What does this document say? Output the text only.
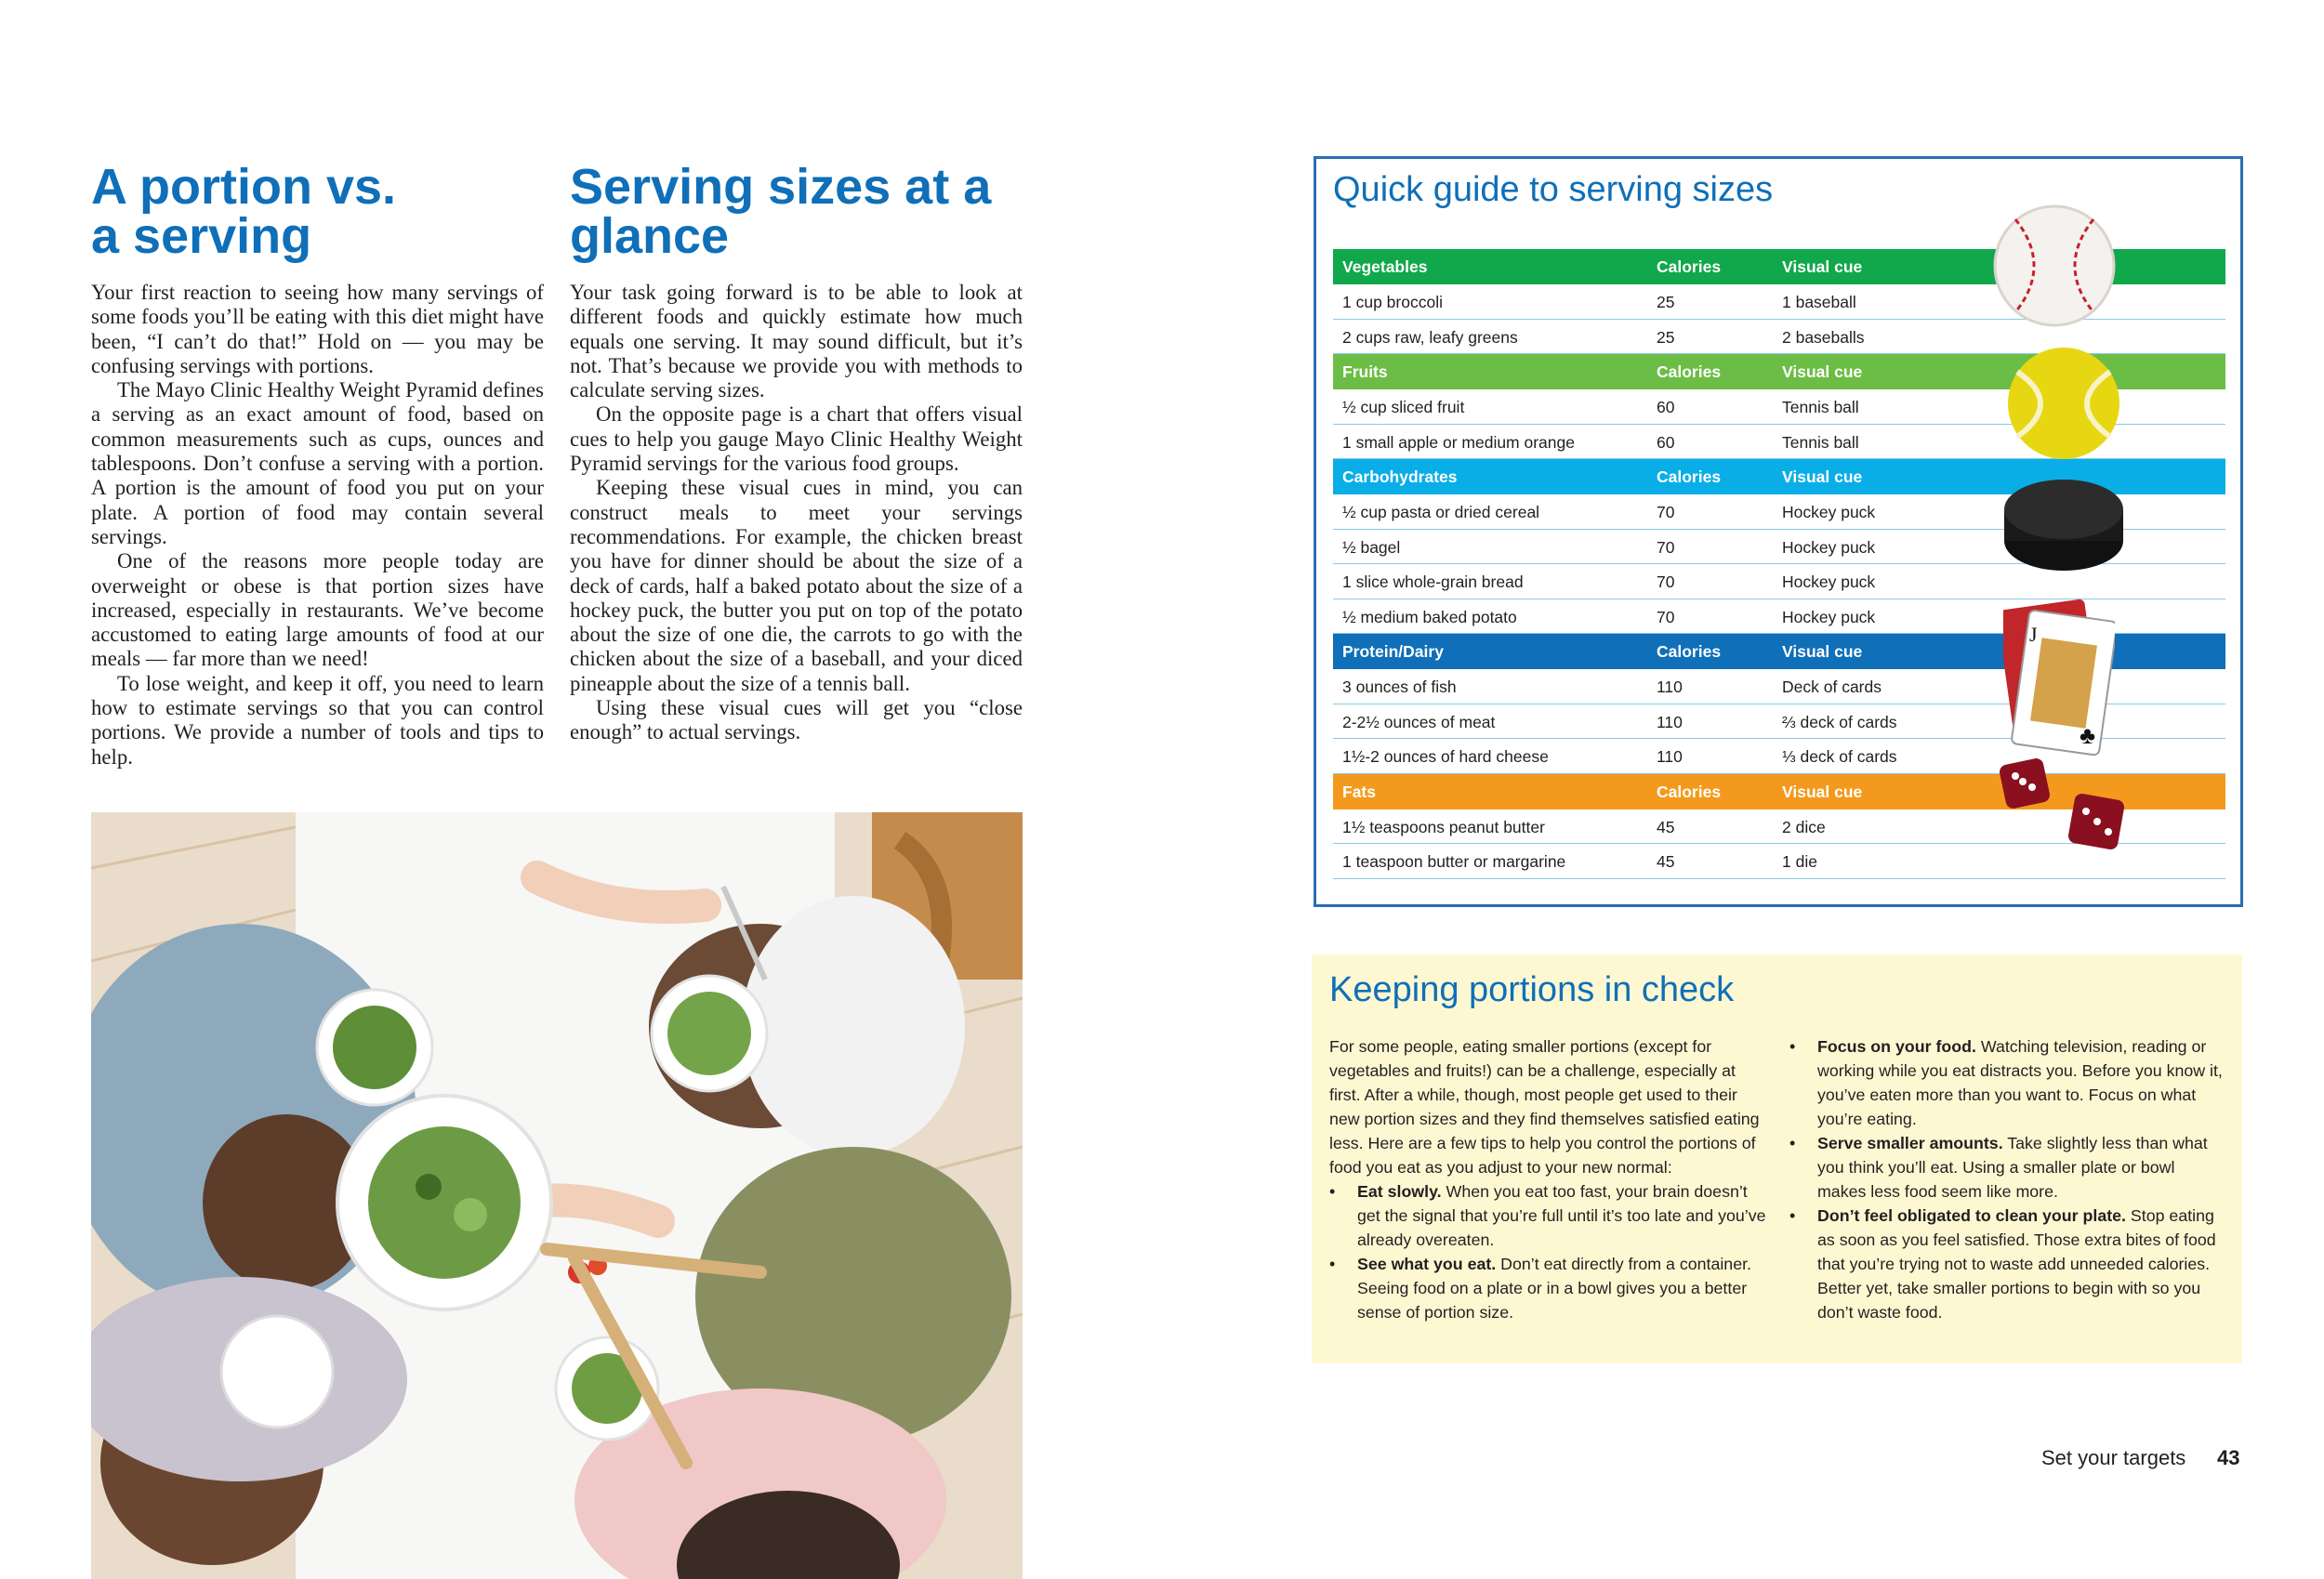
A portion vs.
a serving
Serving sizes at a
glance

Your first reaction to seeing how many servings of some foods you’ll be eating with this diet might have been, “I can’t do that!” Hold on — you may be confusing servings with portions.

The Mayo Clinic Healthy Weight Pyramid defines a serving as an exact amount of food, based on common measurements such as cups, ounces and tablespoons. Don’t confuse a serving with a portion. A portion is the amount of food you put on your plate. A portion of food may contain several servings.

One of the reasons more people today are overweight or obese is that portion sizes have increased, especially in restaurants. We’ve become accustomed to eating large amounts of food at our meals — far more than we need!

To lose weight, and keep it off, you need to learn how to estimate servings so that you can control portions. We provide a number of tools and tips to help.

Your task going forward is to be able to look at different foods and quickly estimate how much equals one serving. It may sound difficult, but it’s not. That’s because we provide you with methods to calculate serving sizes.

On the opposite page is a chart that offers visual cues to help you gauge Mayo Clinic Healthy Weight Pyramid servings for the various food groups.

Keeping these visual cues in mind, you can construct meals to meet your servings recommendations. For example, the chicken breast you have for dinner should be about the size of a deck of cards, half a baked potato about the size of a hockey puck, the butter you put on top of the potato about the size of one die, the carrots to go with the chicken about the size of a baseball, and your diced pineapple about the size of a tennis ball.

Using these visual cues will get you “close enough” to actual servings.

Quick guide to serving sizes
Vegetables	Calories	Visual cue
1 cup broccoli	25	1 baseball
2 cups raw, leafy greens	25	2 baseballs
Fruits	Calories	Visual cue
½ cup sliced fruit	60	Tennis ball
1 small apple or medium orange	60	Tennis ball
Carbohydrates	Calories	Visual cue
½ cup pasta or dried cereal	70	Hockey puck
½ bagel	70	Hockey puck
1 slice whole-grain bread	70	Hockey puck
½ medium baked potato	70	Hockey puck
Protein/Dairy	Calories	Visual cue
3 ounces of fish	110	Deck of cards
2-2½ ounces of meat	110	⅔ deck of cards
1½-2 ounces of hard cheese	110	⅓ deck of cards
Fats	Calories	Visual cue
1½ teaspoons peanut butter	45	2 dice
1 teaspoon butter or margarine	45	1 die
J
♣
Keeping portions in check

For some people, eating smaller portions (except for vegetables and fruits!) can be a challenge, especially at first. After a while, though, most people get used to their new portion sizes and they find themselves satisfied eating less. Here are a few tips to help you control the portions of food you eat as you adjust to your new normal:

• Eat slowly. When you eat too fast, your brain doesn’t get the signal that you’re full until it’s too late and you’ve already overeaten.
• See what you eat. Don’t eat directly from a container. Seeing food on a plate or in a bowl gives you a better sense of portion size.
• Focus on your food. Watching television, reading or working while you eat distracts you. Before you know it, you’ve eaten more than you want to. Focus on what you’re eating.
• Serve smaller amounts. Take slightly less than what you think you’ll eat. Using a smaller plate or bowl makes less food seem like more.
• Don’t feel obligated to clean your plate. Stop eating as soon as you feel satisfied. Those extra bites of food that you’re trying not to waste add unneeded calories. Better yet, take smaller portions to begin with so you don’t waste food.
Set your targets 43
